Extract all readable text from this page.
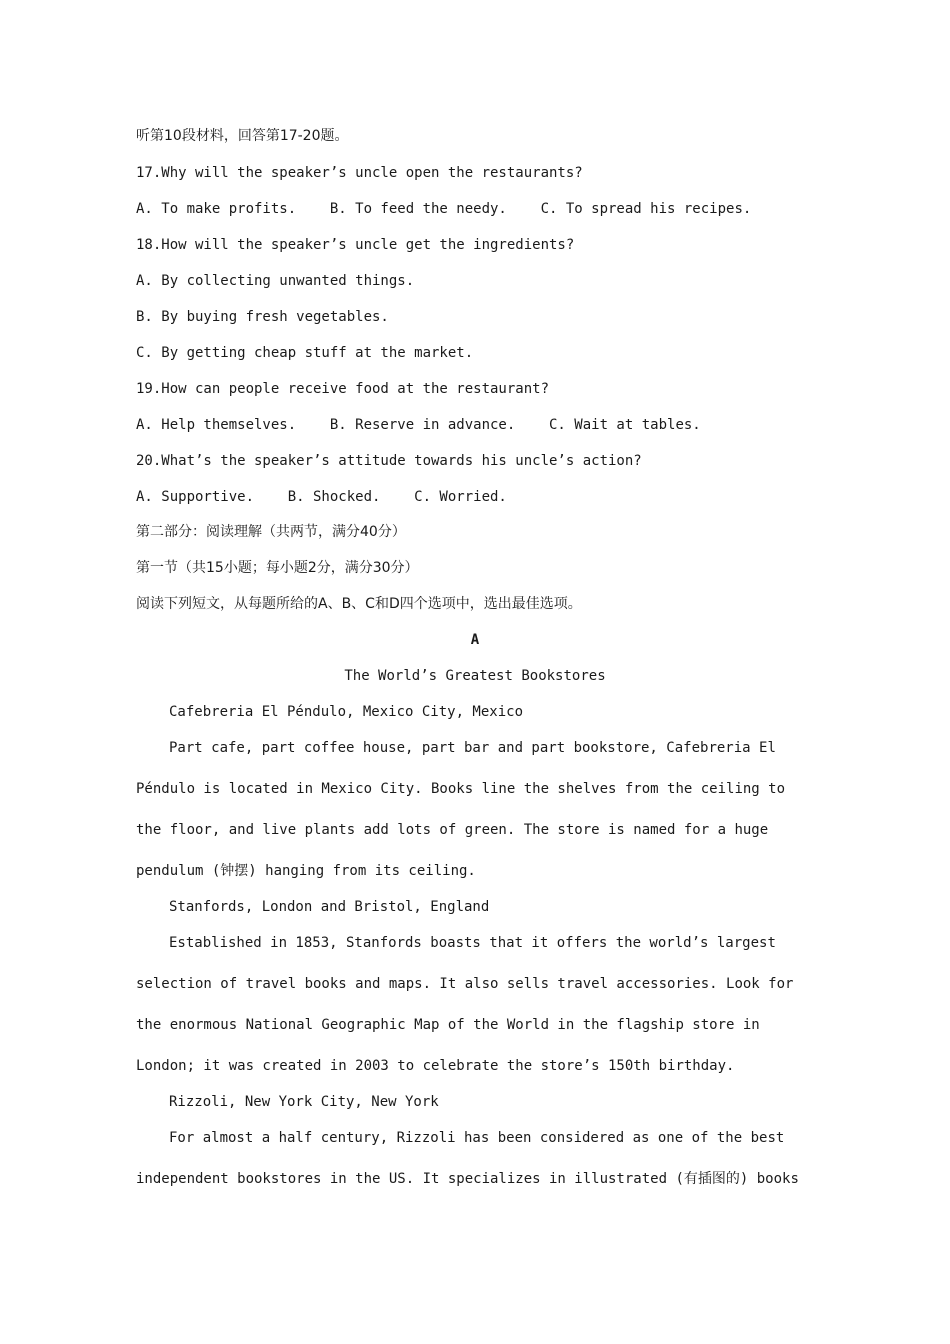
听第10段材料，回答第17-20题。
17.Why will the speaker’s uncle open the restaurants?
A. To make profits.    B. To feed the needy.    C. To spread his recipes.
18.How will the speaker’s uncle get the ingredients?
A. By collecting unwanted things.
B. By buying fresh vegetables.
C. By getting cheap stuff at the market.
19.How can people receive food at the restaurant?
A. Help themselves.    B. Reserve in advance.    C. Wait at tables.
20.What’s the speaker’s attitude towards his uncle’s action?
A. Supportive.    B. Shocked.    C. Worried.
第二部分：阅读理解（共两节，满分40分）
第一节（共15小题；每小题2分，满分30分）
阅读下列短文，从每题所给的A、B、C和D四个选项中，选出最佳选项。
A
The World’s Greatest Bookstores
Cafebreria El Péndulo, Mexico City, Mexico
Part cafe, part coffee house, part bar and part bookstore, Cafebreria El
Péndulo is located in Mexico City. Books line the shelves from the ceiling to
the floor, and live plants add lots of green. The store is named for a huge
pendulum (钟摆) hanging from its ceiling.
Stanfords, London and Bristol, England
Established in 1853, Stanfords boasts that it offers the world’s largest
selection of travel books and maps. It also sells travel accessories. Look for
the enormous National Geographic Map of the World in the flagship store in
London; it was created in 2003 to celebrate the store’s 150th birthday.
Rizzoli, New York City, New York
For almost a half century, Rizzoli has been considered as one of the best
independent bookstores in the US. It specializes in illustrated (有插图的) books
